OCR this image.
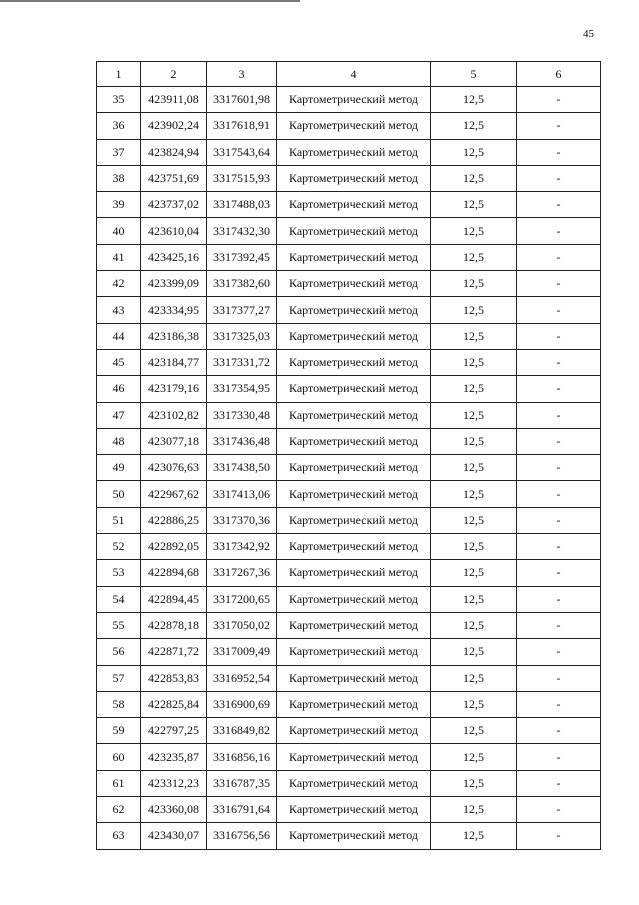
45
1	2	3	4	5	6
35	423911,08	3317601,98	Картометрический метод	12,5	-
36	423902,24	3317618,91	Картометрический метод	12,5	-
37	423824,94	3317543,64	Картометрический метод	12,5	-
38	423751,69	3317515,93	Картометрический метод	12,5	-
39	423737,02	3317488,03	Картометрический метод	12,5	-
40	423610,04	3317432,30	Картометрический метод	12,5	-
41	423425,16	3317392,45	Картометрический метод	12,5	-
42	423399,09	3317382,60	Картометрический метод	12,5	-
43	423334,95	3317377,27	Картометрический метод	12,5	-
44	423186,38	3317325,03	Картометрический метод	12,5	-
45	423184,77	3317331,72	Картометрический метод	12,5	-
46	423179,16	3317354,95	Картометрический метод	12,5	-
47	423102,82	3317330,48	Картометрический метод	12,5	-
48	423077,18	3317436,48	Картометрический метод	12,5	-
49	423076,63	3317438,50	Картометрический метод	12,5	-
50	422967,62	3317413,06	Картометрический метод	12,5	-
51	422886,25	3317370,36	Картометрический метод	12,5	-
52	422892,05	3317342,92	Картометрический метод	12,5	-
53	422894,68	3317267,36	Картометрический метод	12,5	-
54	422894,45	3317200,65	Картометрический метод	12,5	-
55	422878,18	3317050,02	Картометрический метод	12,5	-
56	422871,72	3317009,49	Картометрический метод	12,5	-
57	422853,83	3316952,54	Картометрический метод	12,5	-
58	422825,84	3316900,69	Картометрический метод	12,5	-
59	422797,25	3316849,82	Картометрический метод	12,5	-
60	423235,87	3316856,16	Картометрический метод	12,5	-
61	423312,23	3316787,35	Картометрический метод	12,5	-
62	423360,08	3316791,64	Картометрический метод	12,5	-
63	423430,07	3316756,56	Картометрический метод	12,5	-
